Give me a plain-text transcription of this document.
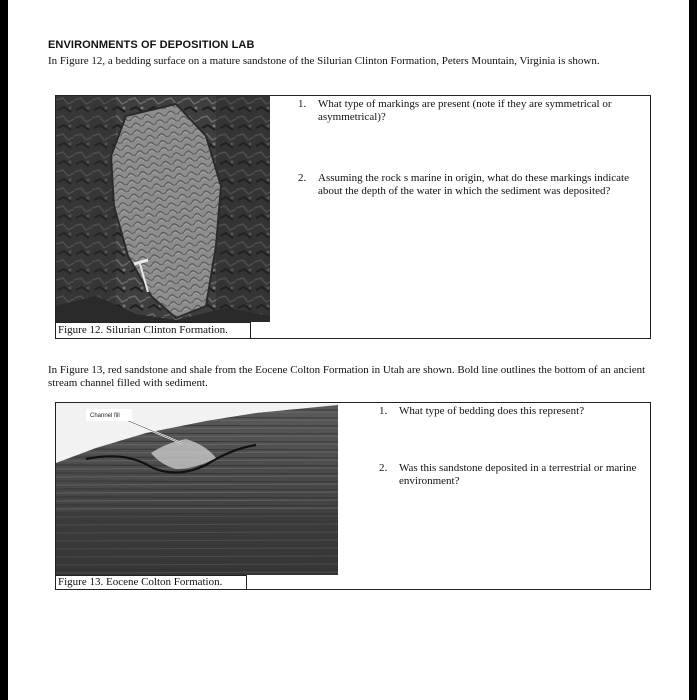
ENVIRONMENTS OF DEPOSITION LAB
In Figure 12, a bedding surface on a mature sandstone of the Silurian Clinton Formation, Peters Mountain, Virginia is shown.
Figure 12. Silurian Clinton Formation.
1. What type of markings are present (note if they are symmetrical or asymmetrical)?
2. Assuming the rock s marine in origin, what do these markings indicate about the depth of the water in which the sediment was deposited?
In Figure 13, red sandstone and shale from the Eocene Colton Formation in Utah are shown. Bold line outlines the bottom of an ancient stream channel filled with sediment.
Channel fill
Figure 13. Eocene Colton Formation.
1. What type of bedding does this represent?
2. Was this sandstone deposited in a terrestrial or marine environment?
